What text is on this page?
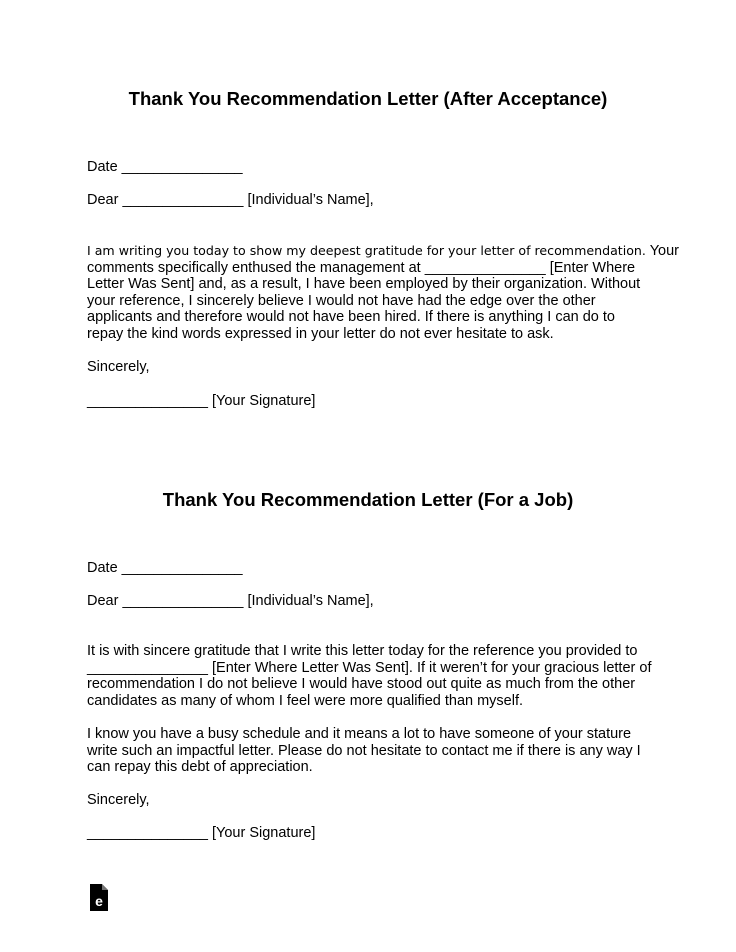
Thank You Recommendation Letter (After Acceptance)
Date _______________
Dear _______________ [Individual’s Name],
I am writing you today to show my deepest gratitude for your letter of recommendation. Your
comments specifically enthused the management at _______________ [Enter Where
Letter Was Sent] and, as a result, I have been employed by their organization. Without
your reference, I sincerely believe I would not have had the edge over the other
applicants and therefore would not have been hired. If there is anything I can do to
repay the kind words expressed in your letter do not ever hesitate to ask.
Sincerely,
_______________ [Your Signature]
Thank You Recommendation Letter (For a Job)
Date _______________
Dear _______________ [Individual’s Name],
It is with sincere gratitude that I write this letter today for the reference you provided to
_______________ [Enter Where Letter Was Sent]. If it weren’t for your gracious letter of
recommendation I do not believe I would have stood out quite as much from the other
candidates as many of whom I feel were more qualified than myself.
I know you have a busy schedule and it means a lot to have someone of your stature
write such an impactful letter. Please do not hesitate to contact me if there is any way I
can repay this debt of appreciation.
Sincerely,
_______________ [Your Signature]
e
